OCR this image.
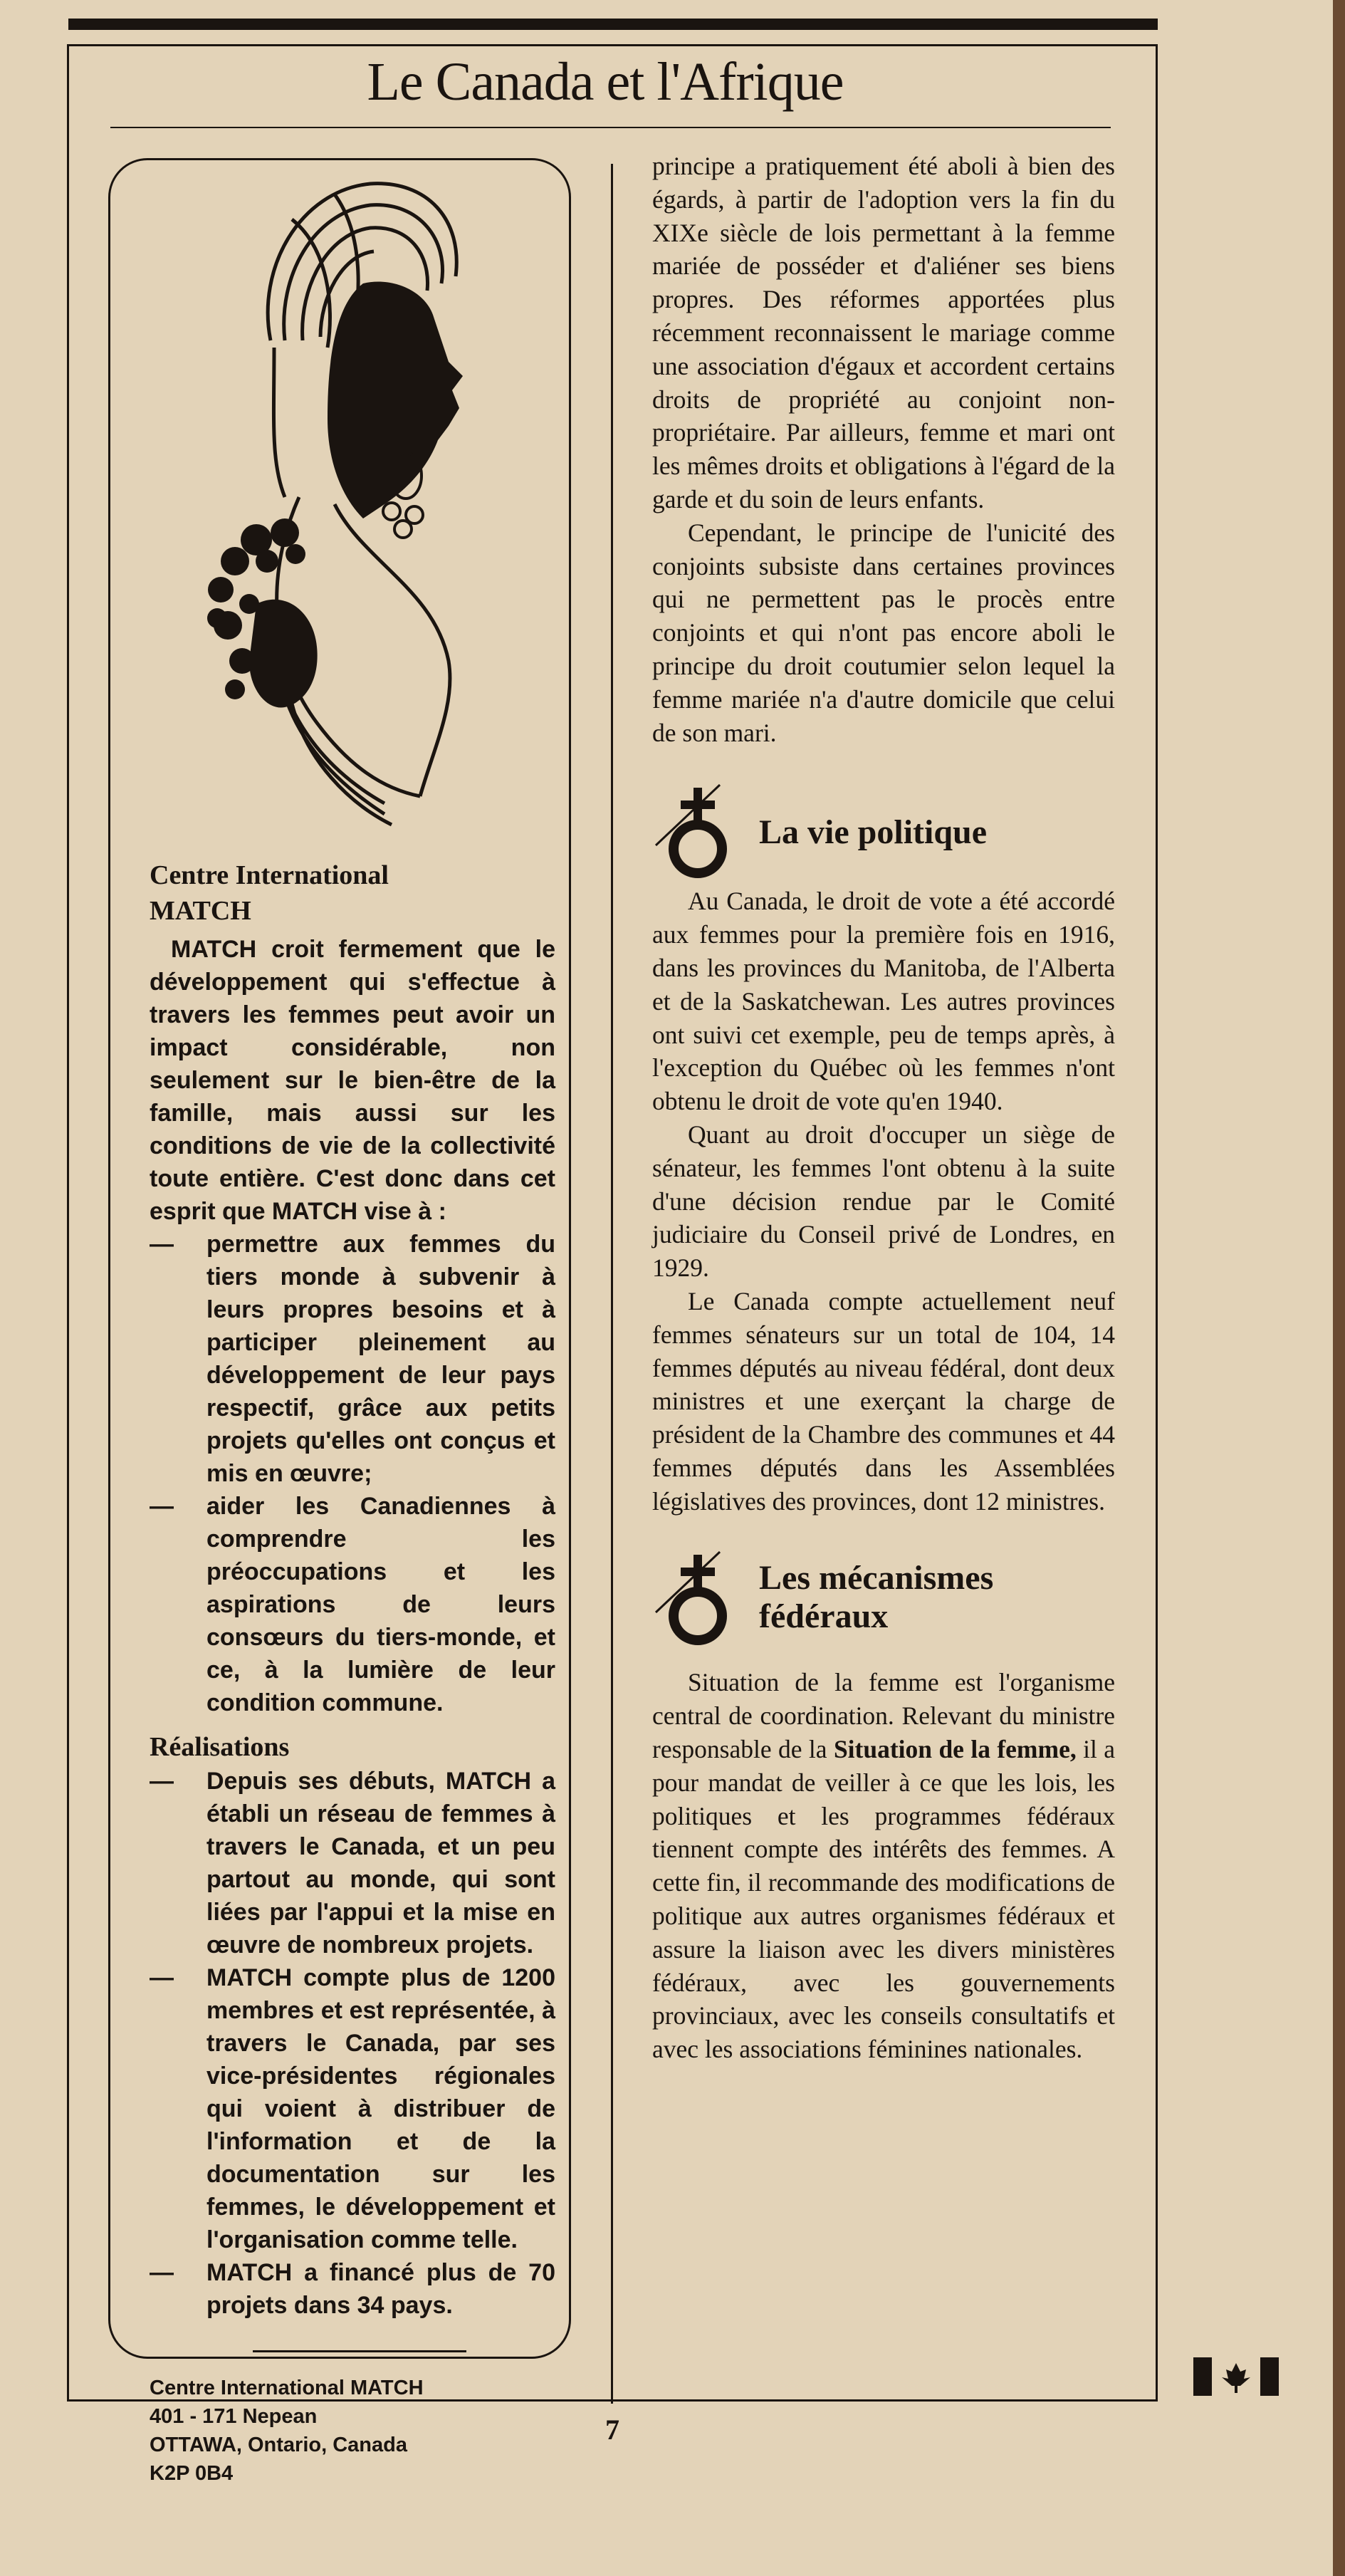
Le Canada et l'Afrique

Centre International
MATCH

MATCH croit fermement que le développement qui s'effectue à travers les femmes peut avoir un impact considérable, non seulement sur le bien-être de la famille, mais aussi sur les conditions de vie de la collectivité toute entière. C'est donc dans cet esprit que MATCH vise à :

— permettre aux femmes du tiers monde à subvenir à leurs propres besoins et à participer pleinement au développement de leur pays respectif, grâce aux petits projets qu'elles ont conçus et mis en œuvre;
— aider les Canadiennes à comprendre les préoccupations et les aspirations de leurs consœurs du tiers-monde, et ce, à la lumière de leur condition commune.

Réalisations

— Depuis ses débuts, MATCH a établi un réseau de femmes à travers le Canada, et un peu partout au monde, qui sont liées par l'appui et la mise en œuvre de nombreux projets.
— MATCH compte plus de 1200 membres et est représentée, à travers le Canada, par ses vice-présidentes régionales qui voient à distribuer de l'information et de la documentation sur les femmes, le développement et l'organisation comme telle.
— MATCH a financé plus de 70 projets dans 34 pays.
Centre International MATCH
401 - 171 Nepean
OTTAWA, Ontario, Canada
K2P 0B4

principe a pratiquement été aboli à bien des égards, à partir de l'adoption vers la fin du XIXe siècle de lois permettant à la femme mariée de posséder et d'aliéner ses biens propres. Des réformes apportées plus récemment reconnaissent le mariage comme une association d'égaux et accordent certains droits de propriété au conjoint non-propriétaire. Par ailleurs, femme et mari ont les mêmes droits et obligations à l'égard de la garde et du soin de leurs enfants.

Cependant, le principe de l'unicité des conjoints subsiste dans certaines provinces qui ne permettent pas le procès entre conjoints et qui n'ont pas encore aboli le principe du droit coutumier selon lequel la femme mariée n'a d'autre domicile que celui de son mari.

La vie politique

Au Canada, le droit de vote a été accordé aux femmes pour la première fois en 1916, dans les provinces du Manitoba, de l'Alberta et de la Saskatchewan. Les autres provinces ont suivi cet exemple, peu de temps après, à l'exception du Québec où les femmes n'ont obtenu le droit de vote qu'en 1940.

Quant au droit d'occuper un siège de sénateur, les femmes l'ont obtenu à la suite d'une décision rendue par le Comité judiciaire du Conseil privé de Londres, en 1929.

Le Canada compte actuellement neuf femmes sénateurs sur un total de 104, 14 femmes députés au niveau fédéral, dont deux ministres et une exerçant la charge de président de la Chambre des communes et 44 femmes députés dans les Assemblées législatives des provinces, dont 12 ministres.

Les mécanismes
fédéraux

Situation de la femme est l'organisme central de coordination. Relevant du ministre responsable de la Situation de la femme, il a pour mandat de veiller à ce que les lois, les politiques et les programmes fédéraux tiennent compte des intérêts des femmes. A cette fin, il recommande des modifications de politique aux autres organismes fédéraux et assure la liaison avec les divers ministères fédéraux, avec les gouvernements provinciaux, avec les conseils consultatifs et avec les associations féminines nationales.

7
